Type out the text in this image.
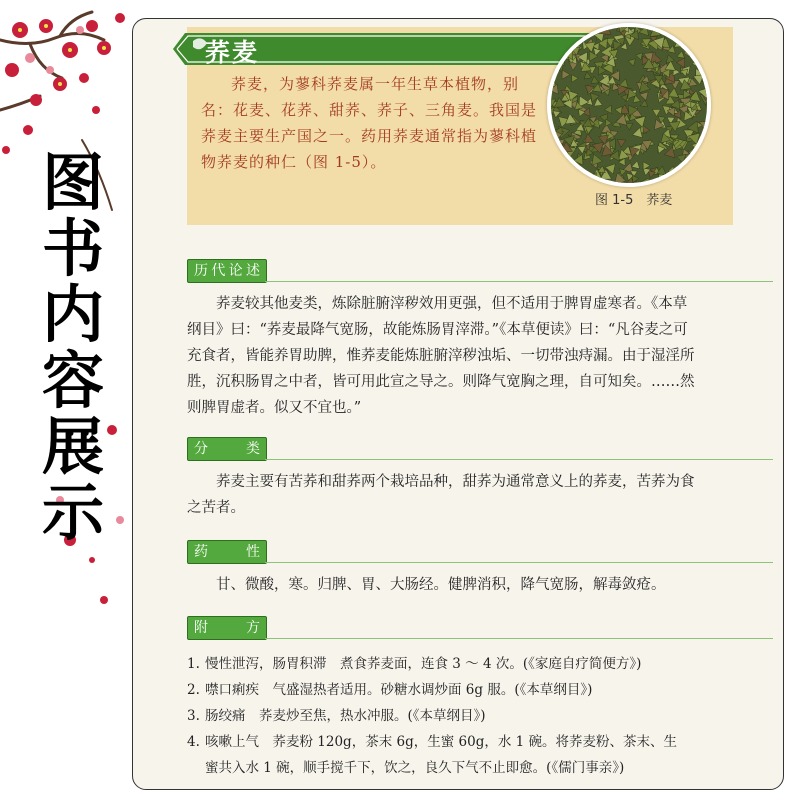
图
书
内
容
展
示
荞麦
荞麦，为蓼科荞麦属一年生草本植物，别名：花麦、花荞、甜荞、荞子、三角麦。我国是荞麦主要生产国之一。药用荞麦通常指为蓼科植物荞麦的种仁（图 1-5）。
图 1-5　荞麦
历代论述
荞麦较其他麦类，炼除脏腑滓秽效用更强，但不适用于脾胃虚寒者。《本草纲目》曰：“荞麦最降气宽肠，故能炼肠胃滓滞。”《本草便读》曰：“凡谷麦之可充食者，皆能养胃助脾，惟荞麦能炼脏腑滓秽浊垢、一切带浊痔漏。由于湿淫所胜，沉积肠胃之中者，皆可用此宣之导之。则降气宽胸之理，自可知矣。……然则脾胃虚者。似又不宜也。”
分 类
荞麦主要有苦荞和甜荞两个栽培品种，甜荞为通常意义上的荞麦，苦荞为食之苦者。
药 性
甘、微酸，寒。归脾、胃、大肠经。健脾消积，降气宽肠，解毒敛疮。
附 方
1. 慢性泄泻，肠胃积滞　煮食荞麦面，连食 3 ～ 4 次。(《家庭自疗简便方》)
2. 噤口痢疾　气盛湿热者适用。砂糖水调炒面 6g 服。(《本草纲目》)
3. 肠绞痛　荞麦炒至焦，热水冲服。(《本草纲目》)
4. 咳嗽上气　荞麦粉 120g，茶末 6g，生蜜 60g，水 1 碗。将荞麦粉、茶末、生
蜜共入水 1 碗，顺手搅千下，饮之，良久下气不止即愈。(《儒门事亲》)
